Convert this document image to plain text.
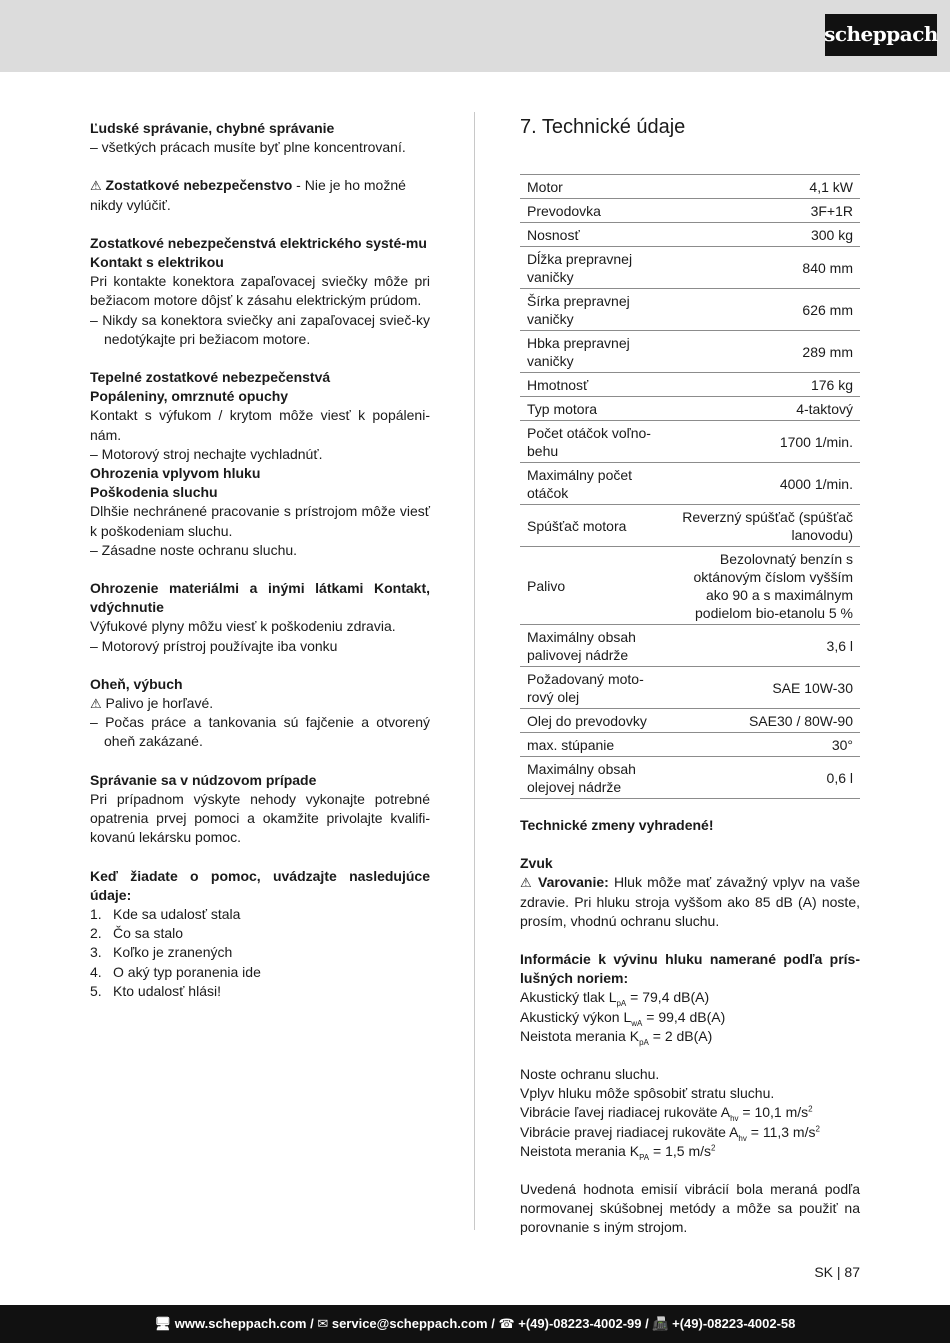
scheppach

Ľudské správanie, chybné správanie

– všetkých prácach musíte byť plne koncentrovaní.

⚠ Zostatkové nebezpečenstvo - Nie je ho možné nikdy vylúčiť.

Zostatkové nebezpečenstvá elektrického systé-mu

Kontakt s elektrikou

Pri kontakte konektora zapaľovacej sviečky môže pri bežiacom motore dôjsť k zásahu elektrickým prúdom.

– Nikdy sa konektora sviečky ani zapaľovacej svieč-ky nedotýkajte pri bežiacom motore.

Tepelné zostatkové nebezpečenstvá

Popáleniny, omrznuté opuchy

Kontakt s výfukom / krytom môže viesť k popáleni-nám.

– Motorový stroj nechajte vychladnúť.

Ohrozenia vplyvom hluku

Poškodenia sluchu

Dlhšie nechránené pracovanie s prístrojom môže viesť k poškodeniam sluchu.

– Zásadne noste ochranu sluchu.

Ohrozenie materiálmi a inými látkami Kontakt, vdýchnutie

Výfukové plyny môžu viesť k poškodeniu zdravia.

– Motorový prístroj používajte iba vonku

Oheň, výbuch

⚠ Palivo je horľavé.

– Počas práce a tankovania sú fajčenie a otvorený oheň zakázané.

Správanie sa v núdzovom prípade

Pri prípadnom výskyte nehody vykonajte potrebné opatrenia prvej pomoci a okamžite privolajte kvalifi-kovanú lekársku pomoc.

Keď žiadate o pomoc, uvádzajte nasledujúce údaje:

1. Kde sa udalosť stala
2. Čo sa stalo
3. Koľko je zranených
4. O aký typ poranenia ide
5. Kto udalosť hlási!
7. Technické údaje
Motor	4,1 kW
Prevodovka	3F+1R
Nosnosť	300 kg
Dĺžka prepravnej vaničky	840 mm
Šírka prepravnej vaničky	626 mm
Hbka prepravnej vaničky	289 mm
Hmotnosť	176 kg
Typ motora	4-taktový
Počet otáčok voľno-behu	1700 1/min.
Maximálny počet otáčok	4000 1/min.
Spúšťač motora	Reverzný spúšťač (spúšťač lanovodu)
Palivo	Bezolovnatý benzín s oktánovým číslom vyšším ako 90 a s maximálnym podielom bio-etanolu 5 %
Maximálny obsah palivovej nádrže	3,6 l
Požadovaný moto-rový olej	SAE 10W-30
Olej do prevodovky	SAE30 / 80W-90
max. stúpanie	30°
Maximálny obsah olejovej nádrže	0,6 l

Technické zmeny vyhradené!

Zvuk

⚠ Varovanie: Hluk môže mať závažný vplyv na vaše zdravie. Pri hluku stroja vyššom ako 85 dB (A) noste, prosím, vhodnú ochranu sluchu.

Informácie k vývinu hluku namerané podľa prís-lušných noriem:

Akustický tlak $L_{pA} = 79,4$ dB(A)

Akustický výkon $L_{wA} = 99,4$ dB(A)

Neistota merania $K_{pA} = 2$ dB(A)

Noste ochranu sluchu.

Vplyv hluku môže spôsobiť stratu sluchu.

Vibrácie ľavej riadiacej rukoväte $A_{hv} = 10,1$ $m/s^2$

Vibrácie pravej riadiacej rukoväte $A_{hv} = 11,3$ $m/s^2$

Neistota merania $K_{PA} = 1,5$ $m/s^2$

Uvedená hodnota emisií vibrácií bola meraná podľa normovanej skúšobnej metódy a môže sa použiť na porovnanie s iným strojom.

SK | 87
🖥 www.scheppach.com / ✉ service@scheppach.com / ☎ +(49)-08223-4002-99 / 📠 +(49)-08223-4002-58
